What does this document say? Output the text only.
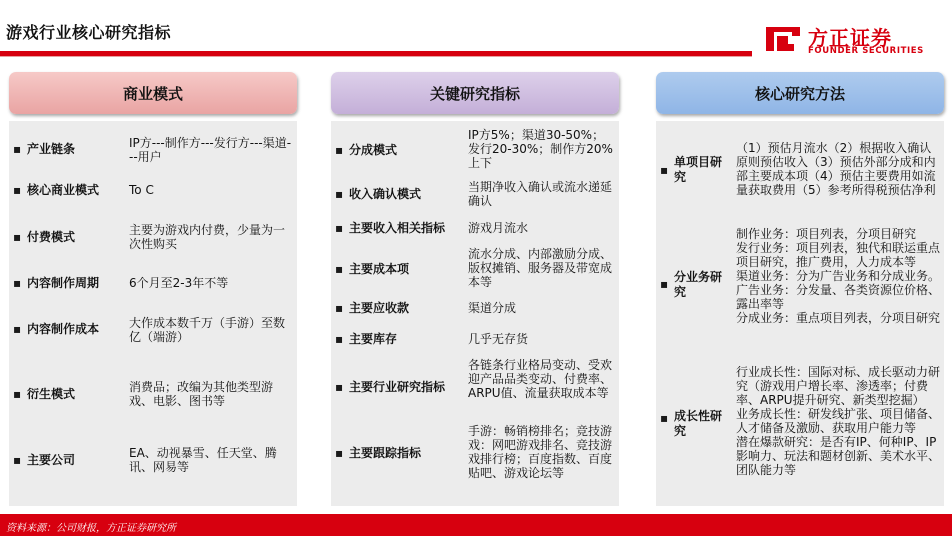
游戏行业核心研究指标	方正证券
FOUNDER SECURITIES
商业模式	关键研究指标	核心研究方法
▪ 产业链条	IP方---制作方---发行方---渠道---用户
▪ 核心商业模式 To C
▪ 付费模式	主要为游戏内付费，少量为一次性购买
▪ 内容制作周期 6个月至2-3年不等
▪ 内容制作成本 大作成本数千万（手游）至数亿（端游）
▪ 衍生模式	消费品；改编为其他类型游戏、电影、图书等
▪ 主要公司	EA、动视暴雪、任天堂、腾讯、网易等
▪ 分成模式
IP方5%；渠道30-50%；发行20-30%；制作方20%上下
▪ 收入确认模式	当期净收入确认或流水递延确认
▪ 主要收入相关指标 游戏月流水
▪ 主要成本项
流水分成、内部激励分成、版权摊销、服务器及带宽成本等
▪ 主要应收款	渠道分成
▪ 主要库存	几乎无存货
▪ 主要行业研究指标
各链条行业格局变动、受欢迎产品品类变动、付费率、ARPU值、流量获取成本等
▪ 主要跟踪指标
手游：畅销榜排名；竞技游戏：网吧游戏排名、竞技游戏排行榜；百度指数、百度贴吧、游戏论坛等
▪
单项目研究
（1）预估月流水（2）根据收入确认原则预估收入（3）预估外部分成和内部主要成本项（4）预估主要费用如流量获取费用（5）参考所得税预估净利
▪ 分业务研究
制作业务：项目列表，分项目研究
发行业务：项目列表，独代和联运重点项目研究，推广费用，人力成本等
渠道业务：分为广告业务和分成业务。
广告业务：分发量、各类资源位价格、露出率等
分成业务：重点项目列表，分项目研究
▪ 成长性研究
行业成长性：国际对标、成长驱动力研究（游戏用户增长率、渗透率；付费率、ARPU提升研究、新类型挖掘）
业务成长性：研发线扩张、项目储备、人才储备及激励、获取用户能力等
潜在爆款研究：是否有IP、何种IP、IP影响力、玩法和题材创新、美术水平、团队能力等
资料来源：公司财报，方正证券研究所
